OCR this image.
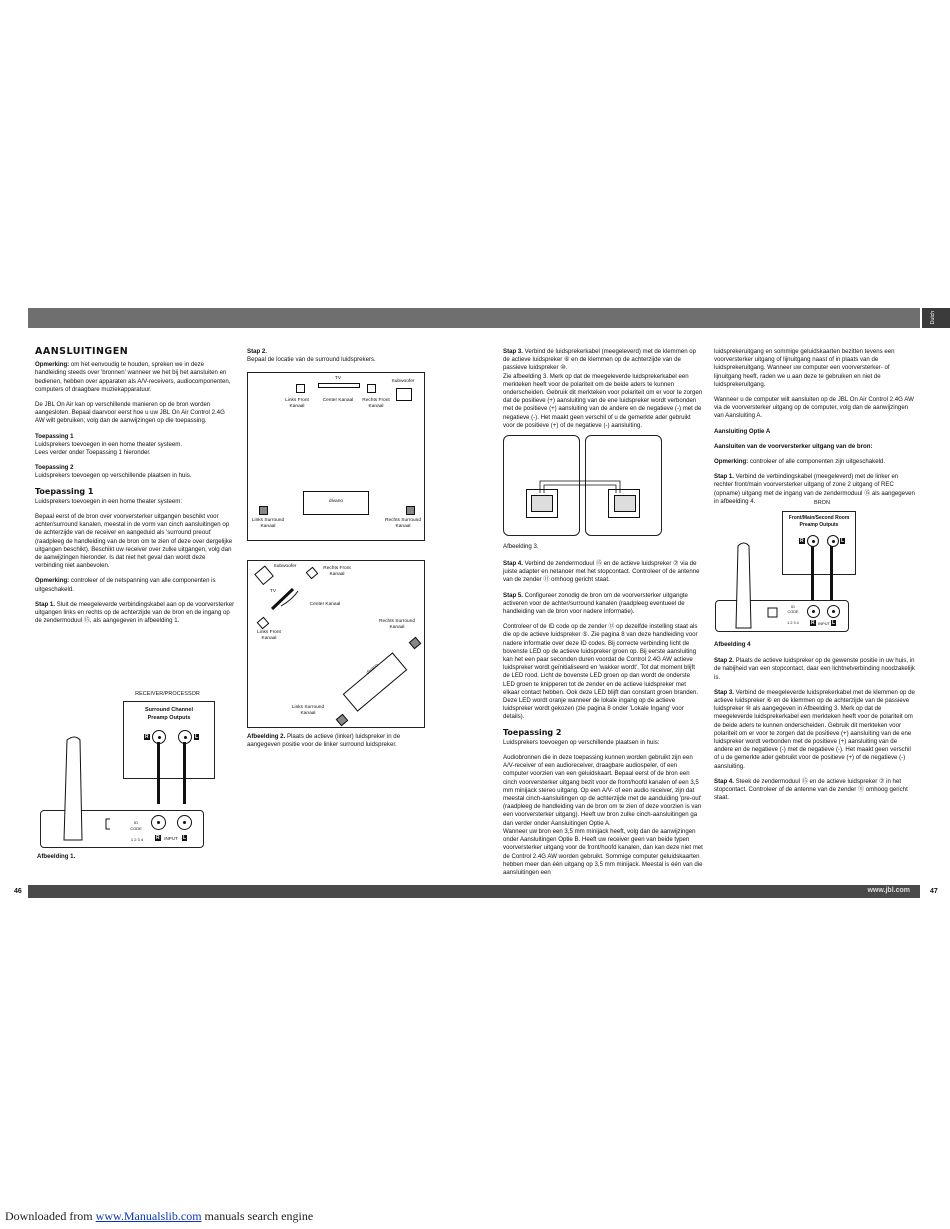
Dutch
www.jbl.com
46	47
AANSLUITINGEN

Opmerking: om het eenvoudig te houden, spreken we in deze handleiding steeds over 'bronnen' wanneer we het bij het aansluiten en bedienen, hebben over apparaten als A/V-receivers, audiocomponenten, computers of draagbare muziekapparatuur.

De JBL On Air kan op verschillende manieren op de bron worden aangesloten. Bepaal daarvoor eerst hoe u uw JBL On Air Control 2.4G AW wilt gebruiken; volg dan de aanwijzingen op die toepassing.

Toepassing 1
Luidsprekers toevoegen in een home theater systeem.
Lees verder onder Toepassing 1 hieronder.

Toepassing 2
Luidsprekers toevoegen op verschillende plaatsen in huis.

Toepassing 1

Luidsprekers toevoegen in een home theater systeem:

Bepaal eerst of de bron over voorversterker uitgangen beschikt voor achter/surround kanalen, meestal in de vorm van cinch aansluitingen op de achterzijde van de receiver en aangeduid als 'surround preout' (raadpleeg de handleiding van de bron om te zien of deze over dergelijke uitgangen beschikt). Beschikt uw receiver over zulke uitgangen, volg dan de aanwijzingen hieronder. Is dat niet het geval dan wordt deze verbinding niet aanbevolen.

Opmerking: controleer of de netspanning van alle componenten is uitgeschakeld.

Stap 1. Sluit de meegeleverde verbindingskabel aan op de voorversterker uitgangen links en rechts op de achterzijde van de bron en de ingang op de zendermoduul ⑮, als aangegeven in afbeelding 1.

RECEIVER/PROCESSOR
Surround Channel
Preamp Outputs
R	L
ID CODE
1 2 3 4	R INPUT L
Afbeelding 1.

Stap 2.
Bepaal de locatie van de surround luidsprekers.

TV
Subwoofer
Links Front Kanaal
Center Kanaal	Rechts Front Kanaal
divano
Links Surround Kanaal
Rechts Surround Kanaal
Subwoofer	Rechts Front Kanaal
TV
Center Kanaal
Links Front Kanaal
Rechts Surround Kanaal
Links Surround Kanaal
divano

Afbeelding 2. Plaats de actieve (linker) luidspreker in de aangegeven positie voor de linker surround luidspreker.

Stap 3. Verbind de luidsprekerkabel (meegeleverd) met de klemmen op de actieve luidspreker ⑥ en de klemmen op de achterzijde van de passieve luidspreker ⑩.
Zie afbeelding 3. Merk op dat de meegeleverde luidsprekerkabel een merkteken heeft voor de polariteit om de beide aders te kunnen onderscheiden. Gebruik dit merkteken voor polariteit om er voor te zorgen dat de positieve (+) aansluiting van de ene luidspreker wordt verbonden met de positieve (+) aansluiting van de andere en de negatieve (-) met de negatieve (-). Het maakt geen verschil of u de gemerkte ader gebruikt voor de positieve (+) of de negatieve (-) aansluiting.

Afbeelding 3.

Stap 4. Verbind de zendermoduul ⑮ en de actieve luidspreker ⑦ via de juiste adapter en netanoer met het stopcontact. Controleer of de antenne van de zender ⑪ omhoog gericht staat.

Stap 5. Configureer zonodig de bron om de voorversterker uitgangte activeren voor de achter/surround kanalen (raadpleeg eventueel de handleiding van de bron voor nadere informatie).

Controleer of de ID code op de zender ⑬ op dezelfde instelling staat als die op de actieve luidspreker ⑤. Zie pagina 8 van deze handleiding voor nadere informatie over deze ID codes. Bij correcte verbinding licht de bovenste LED op de actieve luidspreker groen op. Bij eerste aansluiting kan het een paar seconden duren voordat de Control 2.4G AW actieve luidspreker wordt geïnitialiseerd en 'wakker wordt'. Tot dat moment blijft de LED rood. Licht de bovenste LED groen op dan wordt de onderste LED groen te knipperen tot de zender en de actieve luidspreker met elkaar contact hebben. Ook deze LED blijft dan constant groen branden. Deze LED wordt oranje wanneer de lokale ingang op de actieve luidspreker wordt gekozen (zie pagina 8 onder 'Lokale Ingang' voor details).

Toepassing 2

Luidsprekers toevoegen op verschillende plaatsen in huis:

Audiobronnen die in deze toepassing kunnen worden gebruikt zijn een A/V-receiver of een audioreceiver, draagbare audiospeler, of een computer voorzien van een geluidskaart. Bepaal eerst of de bron een cinch voorversterker uitgang bezit voor de front/hoofd kanalen of een 3,5 mm minijack stereo uitgang. Op een A/V- of een audio receiver, zijn dat meestal cinch-aansluitingen op de achterzijde met de aanduiding 'pre-out' (raadpleeg de handleiding van de bron om te zien of deze voorzien is van een voorversterker uitgang). Heeft uw bron zulke cinch-aansluitingen ga dan verder onder Aansluitingen Optie A.

Wanneer uw bron een 3,5 mm minijack heeft, volg dan de aanwijzingen onder Aansluitingen Optie B. Heeft uw receiver geen van beide typen voorversterker uitgang voor de front/hoofd kanalen, dan kan deze niet met de Control 2.4G AW worden gebruikt. Sommige computer geluidskaarten hebben meer dan één uitgang op 3,5 mm minijack. Meestal is één van die aansluitingen een

luidsprekeruitgang en sommige geluidskaarten bezitten tevens een voorversterker uitgang of lijnuitgang naast of in plaats van de luidsprekeruitgang. Wanneer uw computer een voorversterker- of lijnuitgang heeft, raden we u aan deze te gebruiken en niet de luidsprekeruitgang.

Wanneer u de computer wilt aansluiten op de JBL On Air Control 2.4G AW via de voorversterker uitgang op de computer, volg dan de aanwijzingen van Aansluiting A.

Aansluiting Optie A

Aansluiten van de voorversterker uitgang van de bron:

Opmerking: controleer of alle componenten zijn uitgeschakeld.

Stap 1. Verbind de verbindingskabel (meegeleverd) met de linker en rechter front/main voorversterker uitgang of zone 2 uitgang of REC (opname) uitgang met de ingang van de zendermoduul ⑮ als aangegeven in afbeelding 4.	BRON
Front/Main/Second Room
Preamp Outputs
R	L
ID CODE
1 2 3 4	R INPUT L

Afbeelding 4

Stap 2. Plaats de actieve luidspreker op de gewenste positie in uw huis, in de nabijheid van een stopcontact, daar een lichtnetverbinding noodzakelijk is.

Stap 3. Verbind de meegeleverde luidsprekerkabel met de klemmen op de actieve luidspreker ⑥ en de klemmen op de achterzijde van de passieve luidspreker ⑩ als aangegeven in Afbeelding 3. Merk op dat de meegeleverde luidsprekerkabel een merkteken heeft voor de polariteit om de beide aders te kunnen onderscheiden. Gebruik dit merkteken voor polariteit om er voor te zorgen dat de positieve (+) aansluiting van de ene luidspreker wordt verbonden met de positieve (+) aansluiting van de andere en de negatieve (-) met de negatieve (-). Het maakt geen verschil of u de gemerkte ader gebruikt voor de positieve (+) of de negatieve (-) aansluiting.

Stap 4. Steek de zendermoduul ⑮ en de actieve luidspreker ⑦ in het stopcontact. Controleer of de antenne van de zender ⑪ omhoog gericht staat.

Downloaded from www.Manualslib.com manuals search engine
